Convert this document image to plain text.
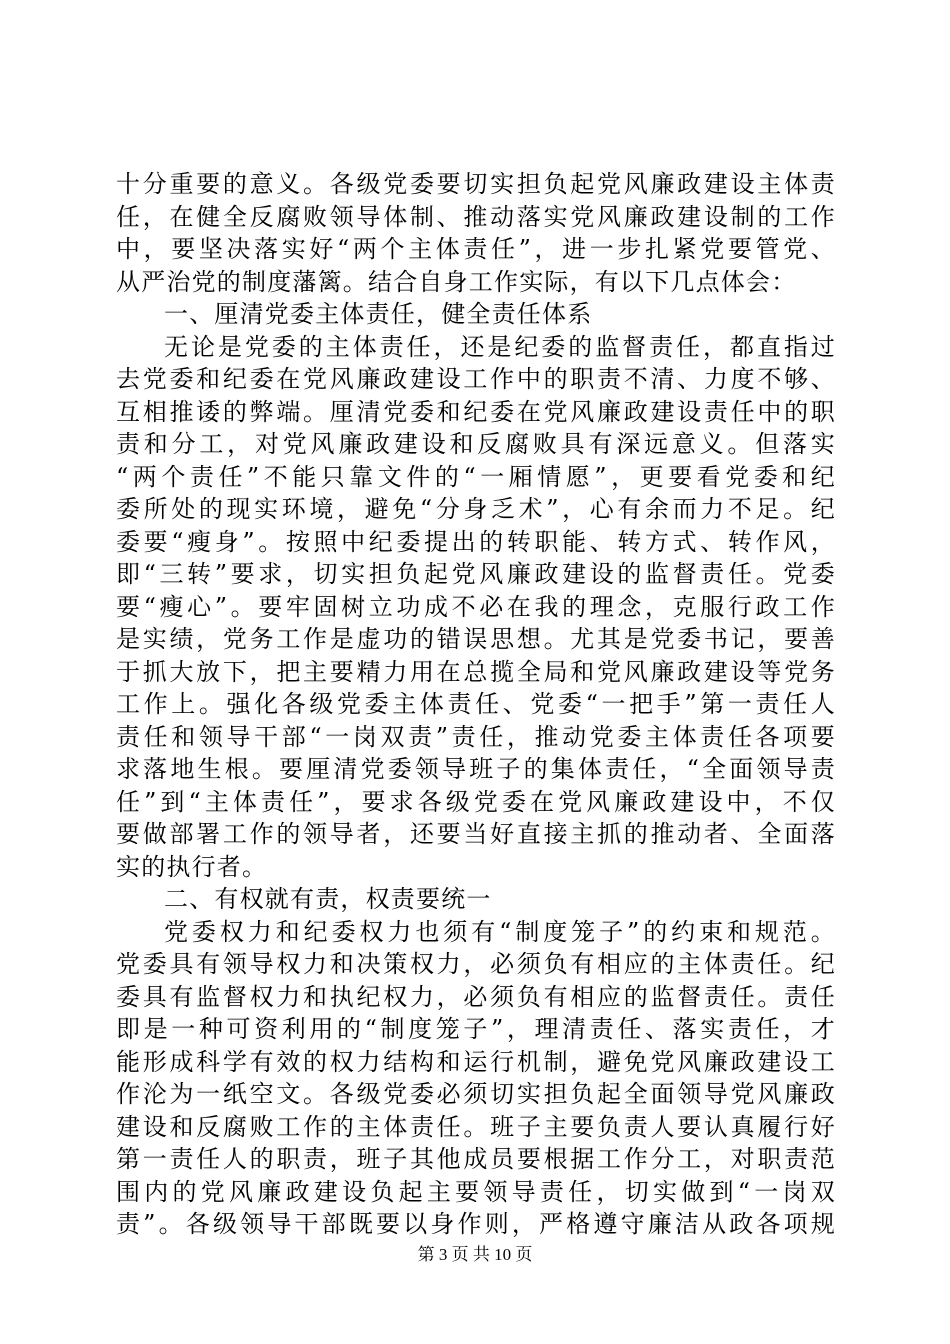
十分重要的意义。各级党委要切实担负起党风廉政建设主体责
任，在健全反腐败领导体制、推动落实党风廉政建设制的工作
中，要坚决落实好“两个主体责任”，进一步扎紧党要管党、
从严治党的制度藩篱。结合自身工作实际，有以下几点体会：
一、厘清党委主体责任，健全责任体系
无论是党委的主体责任，还是纪委的监督责任，都直指过
去党委和纪委在党风廉政建设工作中的职责不清、力度不够、
互相推诿的弊端。厘清党委和纪委在党风廉政建设责任中的职
责和分工，对党风廉政建设和反腐败具有深远意义。但落实
“两个责任”不能只靠文件的“一厢情愿”，更要看党委和纪
委所处的现实环境，避免“分身乏术”，心有余而力不足。纪
委要“瘦身”。按照中纪委提出的转职能、转方式、转作风，
即“三转”要求，切实担负起党风廉政建设的监督责任。党委
要“瘦心”。要牢固树立功成不必在我的理念，克服行政工作
是实绩，党务工作是虚功的错误思想。尤其是党委书记，要善
于抓大放下，把主要精力用在总揽全局和党风廉政建设等党务
工作上。强化各级党委主体责任、党委“一把手”第一责任人
责任和领导干部“一岗双责”责任，推动党委主体责任各项要
求落地生根。要厘清党委领导班子的集体责任，“全面领导责
任”到“主体责任”，要求各级党委在党风廉政建设中，不仅
要做部署工作的领导者，还要当好直接主抓的推动者、全面落
实的执行者。
二、有权就有责，权责要统一
党委权力和纪委权力也须有“制度笼子”的约束和规范。
党委具有领导权力和决策权力，必须负有相应的主体责任。纪
委具有监督权力和执纪权力，必须负有相应的监督责任。责任
即是一种可资利用的“制度笼子”，理清责任、落实责任，才
能形成科学有效的权力结构和运行机制，避免党风廉政建设工
作沦为一纸空文。各级党委必须切实担负起全面领导党风廉政
建设和反腐败工作的主体责任。班子主要负责人要认真履行好
第一责任人的职责，班子其他成员要根据工作分工，对职责范
围内的党风廉政建设负起主要领导责任，切实做到“一岗双
责”。各级领导干部既要以身作则，严格遵守廉洁从政各项规
第 3 页 共 10 页
